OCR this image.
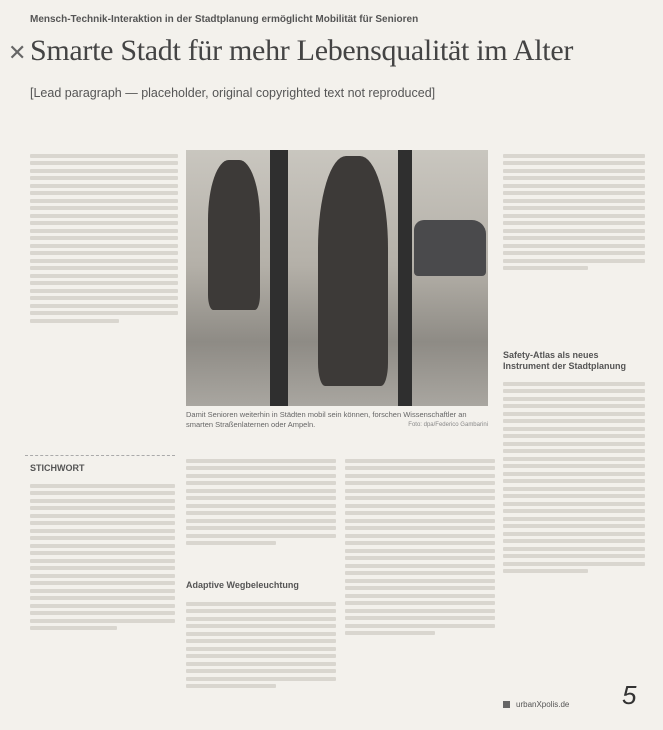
Mensch-Technik-Interaktion in der Stadtplanung ermöglicht Mobilität für Senioren
✕ Smarte Stadt für mehr Lebensqualität im Alter
[Lead paragraph — placeholder, original copyrighted text not reproduced]
Damit Senioren weiterhin in Städten mobil sein können, forschen Wissenschaftler an smarten Straßenlaternen oder Ampeln.	Foto: dpa/Federico Gambarini
Adaptive Wegbeleuchtung
Safety-Atlas als neues Instrument der Stadtplanung
STICHWORT
urbanXpolis.de 5
